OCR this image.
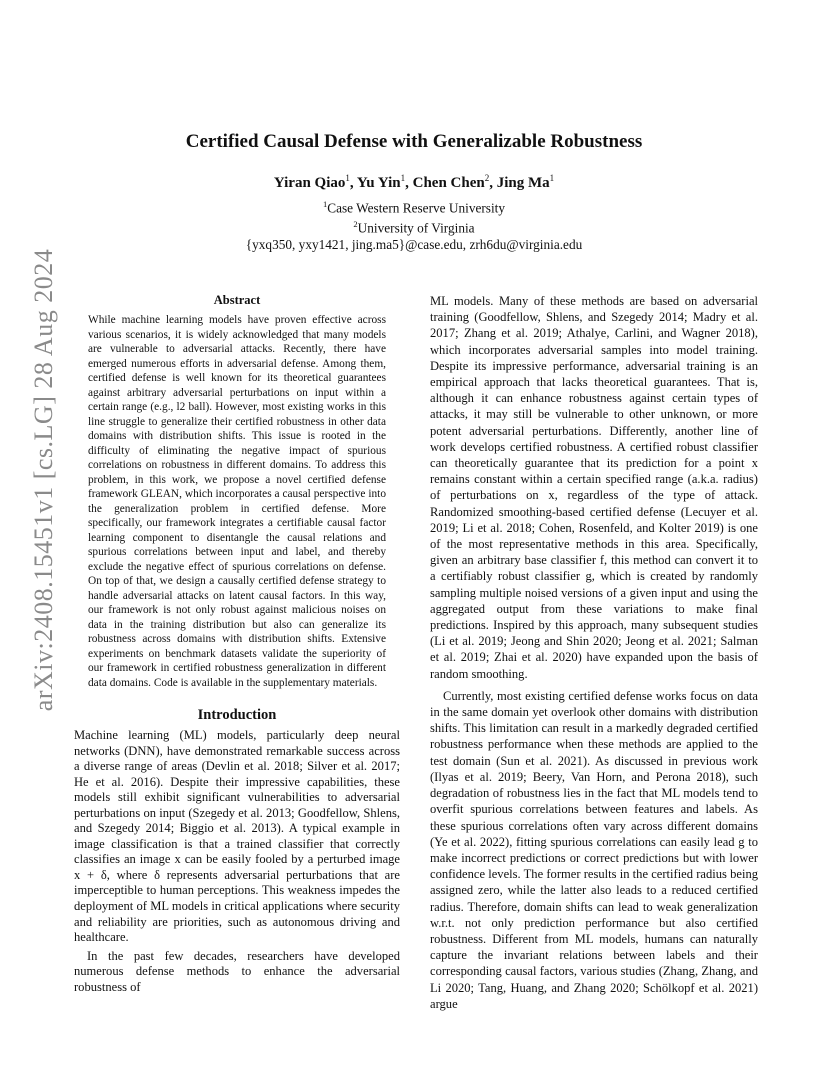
arXiv:2408.15451v1 [cs.LG] 28 Aug 2024
Certified Causal Defense with Generalizable Robustness
Yiran Qiao$^1$, Yu Yin$^1$, Chen Chen$^2$, Jing Ma$^1$
$^1$Case Western Reserve University
$^2$University of Virginia
{yxq350, yxy1421, jing.ma5}@case.edu, zrh6du@virginia.edu
Abstract

While machine learning models have proven effective across various scenarios, it is widely acknowledged that many models are vulnerable to adversarial attacks. Recently, there have emerged numerous efforts in adversarial defense. Among them, certified defense is well known for its theoretical guarantees against arbitrary adversarial perturbations on input within a certain range (e.g., l2 ball). However, most existing works in this line struggle to generalize their certified robustness in other data domains with distribution shifts. This issue is rooted in the difficulty of eliminating the negative impact of spurious correlations on robustness in different domains. To address this problem, in this work, we propose a novel certified defense framework GLEAN, which incorporates a causal perspective into the generalization problem in certified defense. More specifically, our framework integrates a certifiable causal factor learning component to disentangle the causal relations and spurious correlations between input and label, and thereby exclude the negative effect of spurious correlations on defense. On top of that, we design a causally certified defense strategy to handle adversarial attacks on latent causal factors. In this way, our framework is not only robust against malicious noises on data in the training distribution but also can generalize its robustness across domains with distribution shifts. Extensive experiments on benchmark datasets validate the superiority of our framework in certified robustness generalization in different data domains. Code is available in the supplementary materials.

Introduction

Machine learning (ML) models, particularly deep neural networks (DNN), have demonstrated remarkable success across a diverse range of areas (Devlin et al. 2018; Silver et al. 2017; He et al. 2016). Despite their impressive capabilities, these models still exhibit significant vulnerabilities to adversarial perturbations on input (Szegedy et al. 2013; Goodfellow, Shlens, and Szegedy 2014; Biggio et al. 2013). A typical example in image classification is that a trained classifier that correctly classifies an image x can be easily fooled by a perturbed image x + δ, where δ represents adversarial perturbations that are imperceptible to human perceptions. This weakness impedes the deployment of ML models in critical applications where security and reliability are priorities, such as autonomous driving and healthcare.

In the past few decades, researchers have developed numerous defense methods to enhance the adversarial robustness of

ML models. Many of these methods are based on adversarial training (Goodfellow, Shlens, and Szegedy 2014; Madry et al. 2017; Zhang et al. 2019; Athalye, Carlini, and Wagner 2018), which incorporates adversarial samples into model training. Despite its impressive performance, adversarial training is an empirical approach that lacks theoretical guarantees. That is, although it can enhance robustness against certain types of attacks, it may still be vulnerable to other unknown, or more potent adversarial perturbations. Differently, another line of work develops certified robustness. A certified robust classifier can theoretically guarantee that its prediction for a point x remains constant within a certain specified range (a.k.a. radius) of perturbations on x, regardless of the type of attack. Randomized smoothing-based certified defense (Lecuyer et al. 2019; Li et al. 2018; Cohen, Rosenfeld, and Kolter 2019) is one of the most representative methods in this area. Specifically, given an arbitrary base classifier f, this method can convert it to a certifiably robust classifier g, which is created by randomly sampling multiple noised versions of a given input and using the aggregated output from these variations to make final predictions. Inspired by this approach, many subsequent studies (Li et al. 2019; Jeong and Shin 2020; Jeong et al. 2021; Salman et al. 2019; Zhai et al. 2020) have expanded upon the basis of random smoothing.

Currently, most existing certified defense works focus on data in the same domain yet overlook other domains with distribution shifts. This limitation can result in a markedly degraded certified robustness performance when these methods are applied to the test domain (Sun et al. 2021). As discussed in previous work (Ilyas et al. 2019; Beery, Van Horn, and Perona 2018), such degradation of robustness lies in the fact that ML models tend to overfit spurious correlations between features and labels. As these spurious correlations often vary across different domains (Ye et al. 2022), fitting spurious correlations can easily lead g to make incorrect predictions or correct predictions but with lower confidence levels. The former results in the certified radius being assigned zero, while the latter also leads to a reduced certified radius. Therefore, domain shifts can lead to weak generalization w.r.t. not only prediction performance but also certified robustness. Different from ML models, humans can naturally capture the invariant relations between labels and their corresponding causal factors, various studies (Zhang, Zhang, and Li 2020; Tang, Huang, and Zhang 2020; Schölkopf et al. 2021) argue
